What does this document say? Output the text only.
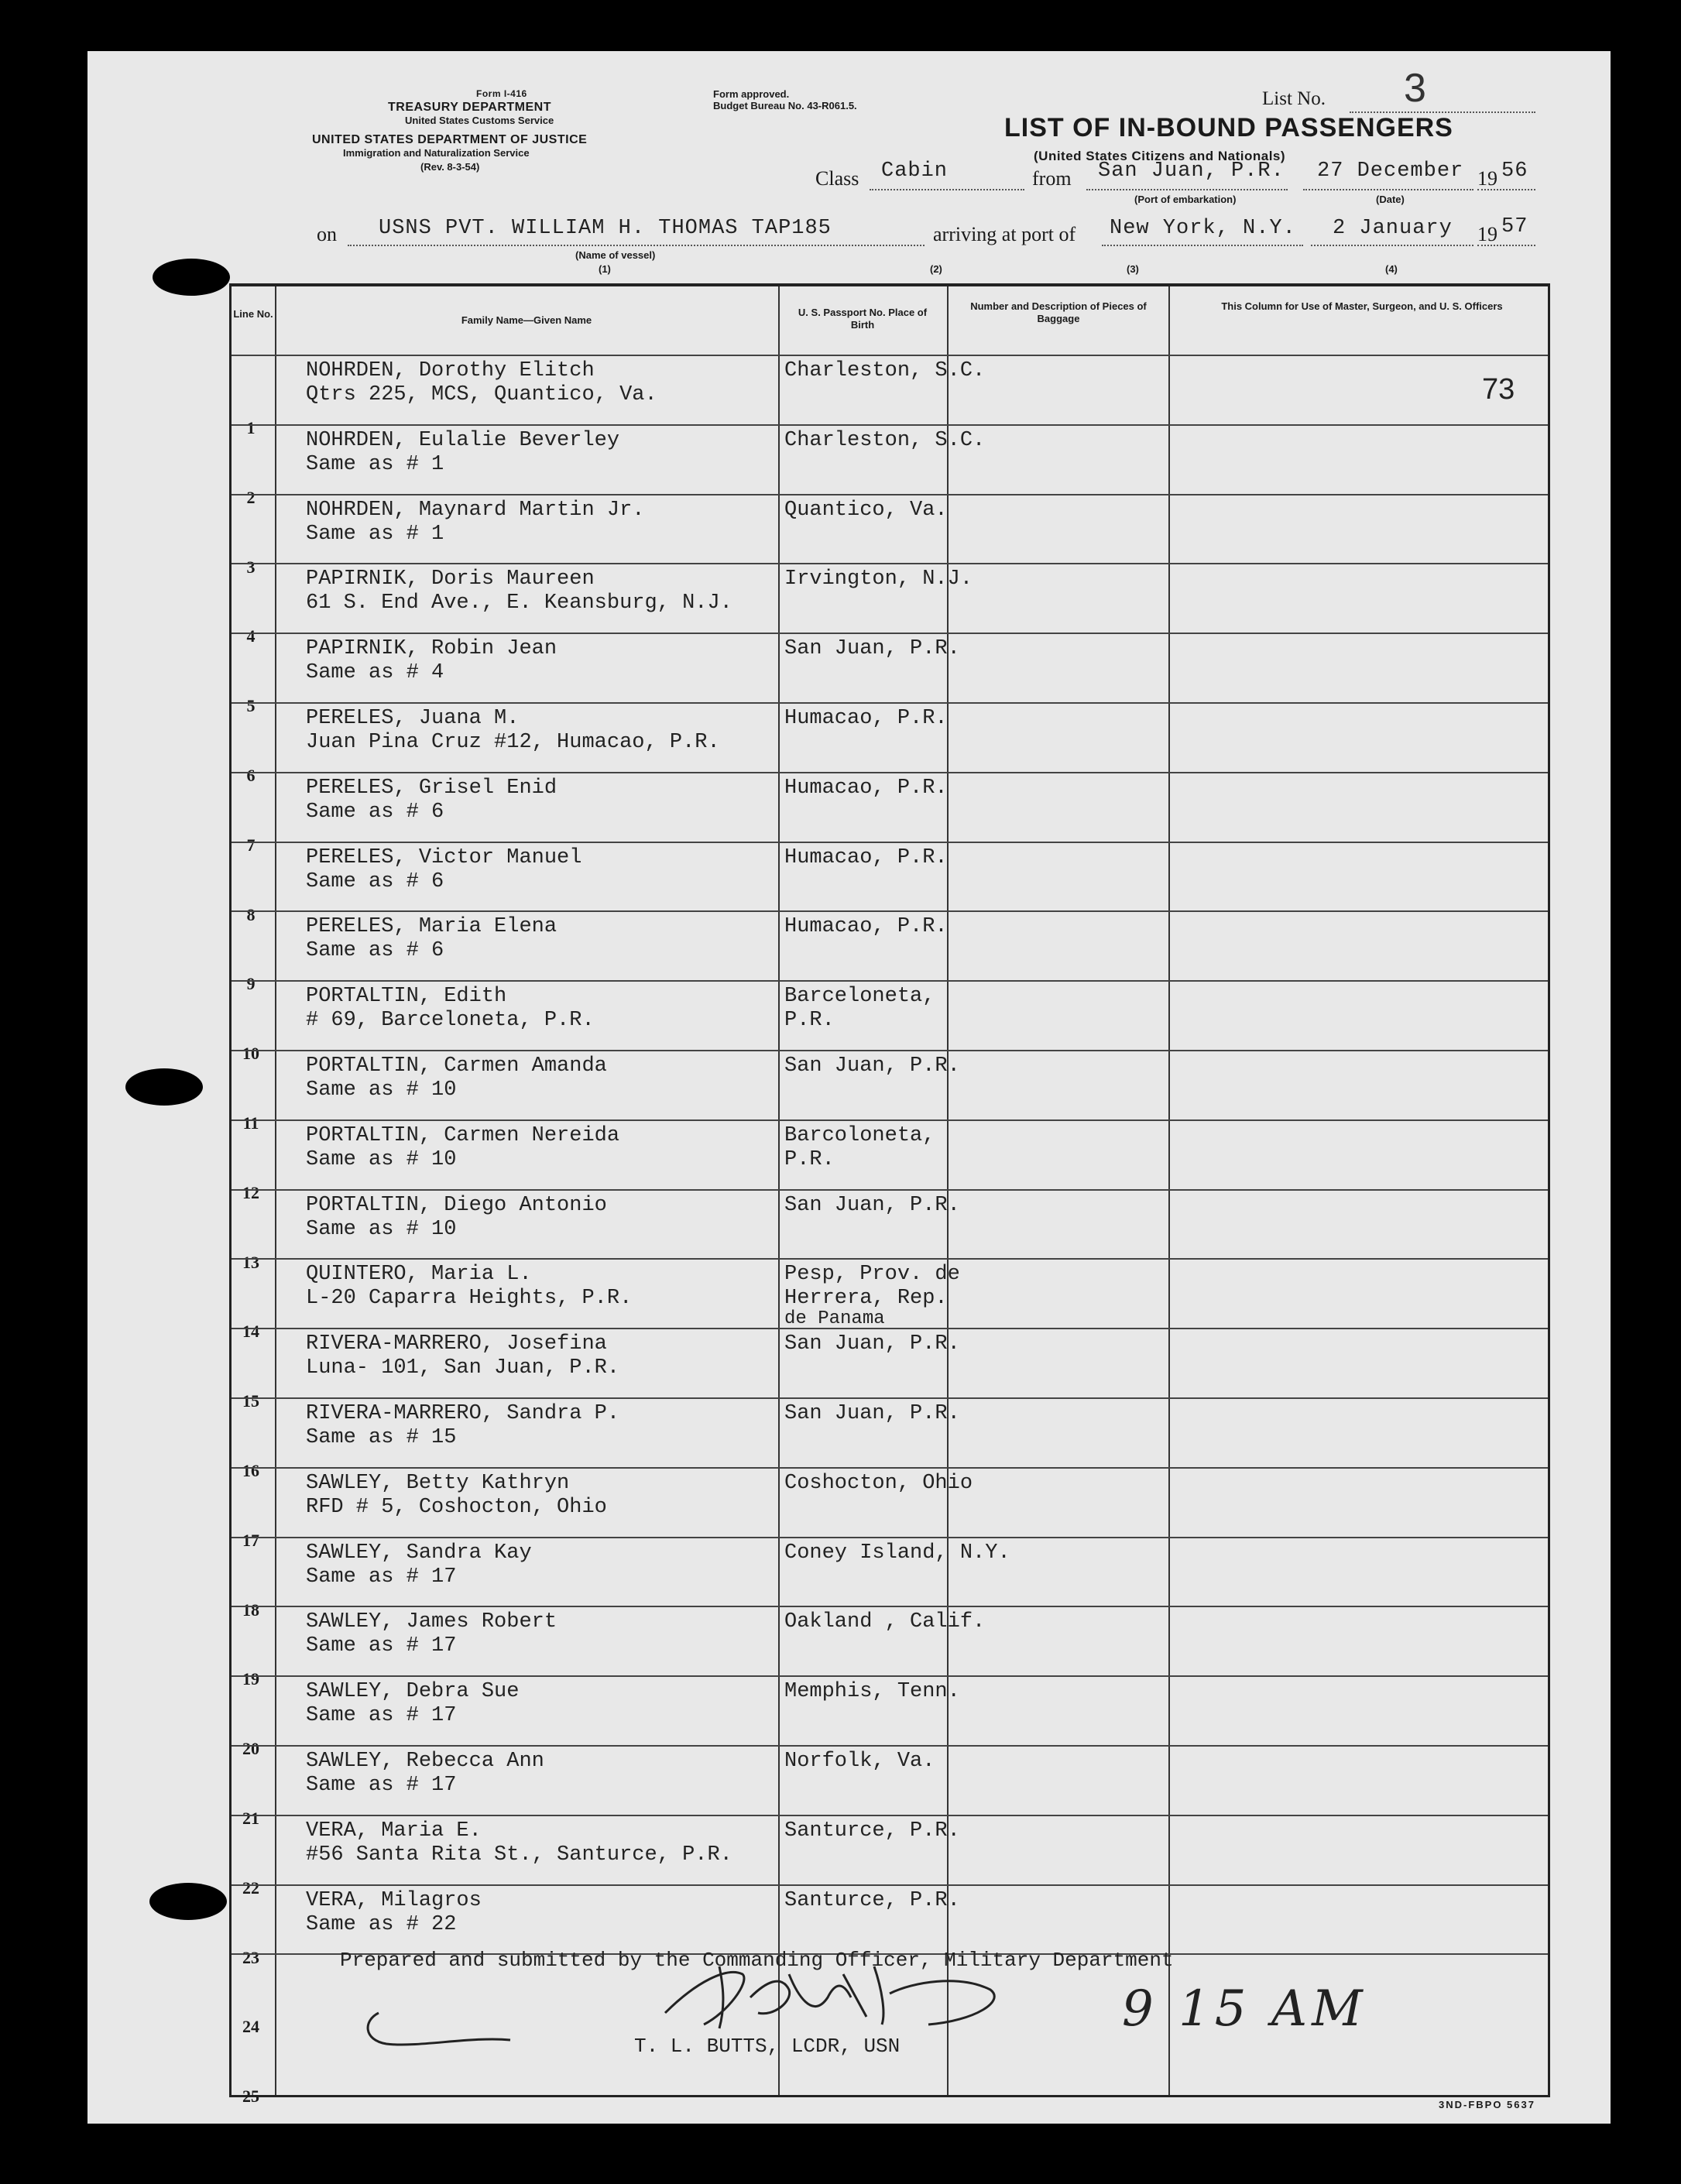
Form I-416
TREASURY DEPARTMENT
United States Customs Service
UNITED STATES DEPARTMENT OF JUSTICE
Immigration and Naturalization Service
(Rev. 8-3-54)
Form approved.
Budget Bureau No. 43-R061.5.	List No. 3
LIST OF IN-BOUND PASSENGERS
(United States Citizens and Nationals)
Class Cabin	from San Juan, P.R.
(Port of embarkation)
27 December
(Date)
19 56
on USNS PVT. WILLIAM H. THOMAS TAP185
(Name of vessel)
(1)
arriving at port of
(2)
New York, N.Y.
(3)
2 January
(4)
19 57
Line No.
Family Name—Given Name
U. S. Passport No. Place of Birth
Number and Description of Pieces of Baggage
This Column for Use of Master, Surgeon, and U. S. Officers
1
NOHRDEN, Dorothy Elitch
Qtrs 225, MCS, Quantico, Va.
Charleston, S.C.
2
NOHRDEN, Eulalie Beverley
Same as # 1
Charleston, S.C.
3
NOHRDEN, Maynard Martin Jr.
Same as # 1
Quantico, Va.
4
PAPIRNIK, Doris Maureen
61 S. End Ave., E. Keansburg, N.J.
Irvington, N.J.
5
PAPIRNIK, Robin Jean
Same as # 4
San Juan, P.R.
6
PERELES, Juana M.
Juan Pina Cruz #12, Humacao, P.R.
Humacao, P.R.
7
PERELES, Grisel Enid
Same as # 6
Humacao, P.R.
8
PERELES, Victor Manuel
Same as # 6
Humacao, P.R.
9
PERELES, Maria Elena
Same as # 6
Humacao, P.R.
10
PORTALTIN, Edith
# 69, Barceloneta, P.R.
Barceloneta,
P.R.
11
PORTALTIN, Carmen Amanda
Same as # 10
San Juan, P.R.
12
PORTALTIN, Carmen Nereida
Same as # 10
Barcoloneta,
P.R.
13
PORTALTIN, Diego Antonio
Same as # 10
San Juan, P.R.
14
QUINTERO, Maria L.
L-20 Caparra Heights, P.R.
Pesp, Prov. de
Herrera, Rep.
de Panama
15
RIVERA-MARRERO, Josefina
Luna- 101, San Juan, P.R.
San Juan, P.R.
16
RIVERA-MARRERO, Sandra P.
Same as # 15
San Juan, P.R.
17
SAWLEY, Betty Kathryn
RFD # 5, Coshocton, Ohio
Coshocton, Ohio
18
SAWLEY, Sandra Kay
Same as # 17
Coney Island, N.Y.
19
SAWLEY, James Robert
Same as # 17
Oakland , Calif.
20
SAWLEY, Debra Sue
Same as # 17
Memphis, Tenn.
21
SAWLEY, Rebecca Ann
Same as # 17
Norfolk, Va.
22
VERA, Maria E.
#56 Santa Rita St., Santurce, P.R.
Santurce, P.R.
23
VERA, Milagros
Same as # 22
Santurce, P.R.
24
25
73
Prepared and submitted by the Commanding Officer, Military Department
T. L. BUTTS, LCDR, USN
9 15 AM
3ND-FBPO 5637
